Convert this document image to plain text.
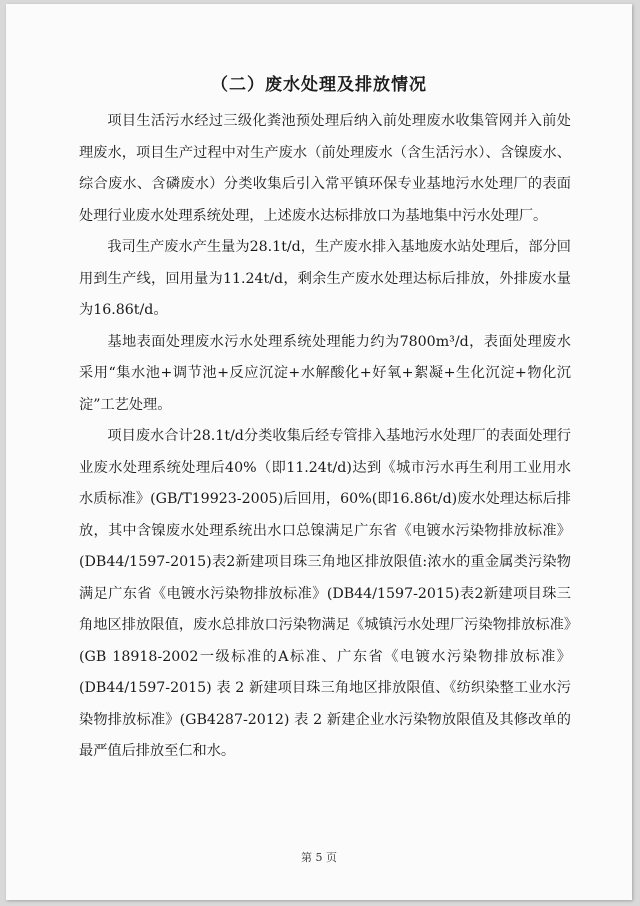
（二）废水处理及排放情况

项目生活污水经过三级化粪池预处理后纳入前处理废水收集管网并入前处理废水，项目生产过程中对生产废水（前处理废水（含生活污水）、含镍废水、综合废水、含磷废水）分类收集后引入常平镇环保专业基地污水处理厂的表面处理行业废水处理系统处理，上述废水达标排放口为基地集中污水处理厂。

我司生产废水产生量为28.1t/d，生产废水排入基地废水站处理后，部分回用到生产线，回用量为11.24t/d，剩余生产废水处理达标后排放，外排废水量为16.86t/d。

基地表面处理废水污水处理系统处理能力约为7800m³/d，表面处理废水采用“集水池+调节池+反应沉淀+水解酸化+好氧+絮凝+生化沉淀+物化沉淀”工艺处理。

项目废水合计28.1t/d分类收集后经专管排入基地污水处理厂的表面处理行业废水处理系统处理后40%（即11.24t/d)达到《城市污水再生利用工业用水水质标准》(GB/T19923-2005)后回用，60%(即16.86t/d)废水处理达标后排放，其中含镍废水处理系统出水口总镍满足广东省《电镀水污染物排放标准》(DB44/1597-2015)表2新建项目珠三角地区排放限值:浓水的重金属类污染物满足广东省《电镀水污染物排放标准》(DB44/1597-2015)表2新建项目珠三角地区排放限值，废水总排放口污染物满足《城镇污水处理厂污染物排放标准》(GB 18918-2002一级标准的A标准、广东省《电镀水污染物排放标准》(DB44/1597-2015) 表 2 新建项目珠三角地区排放限值、《纺织染整工业水污染物排放标准》(GB4287-2012) 表 2 新建企业水污染物放限值及其修改单的最严值后排放至仁和水。

第 5 页
